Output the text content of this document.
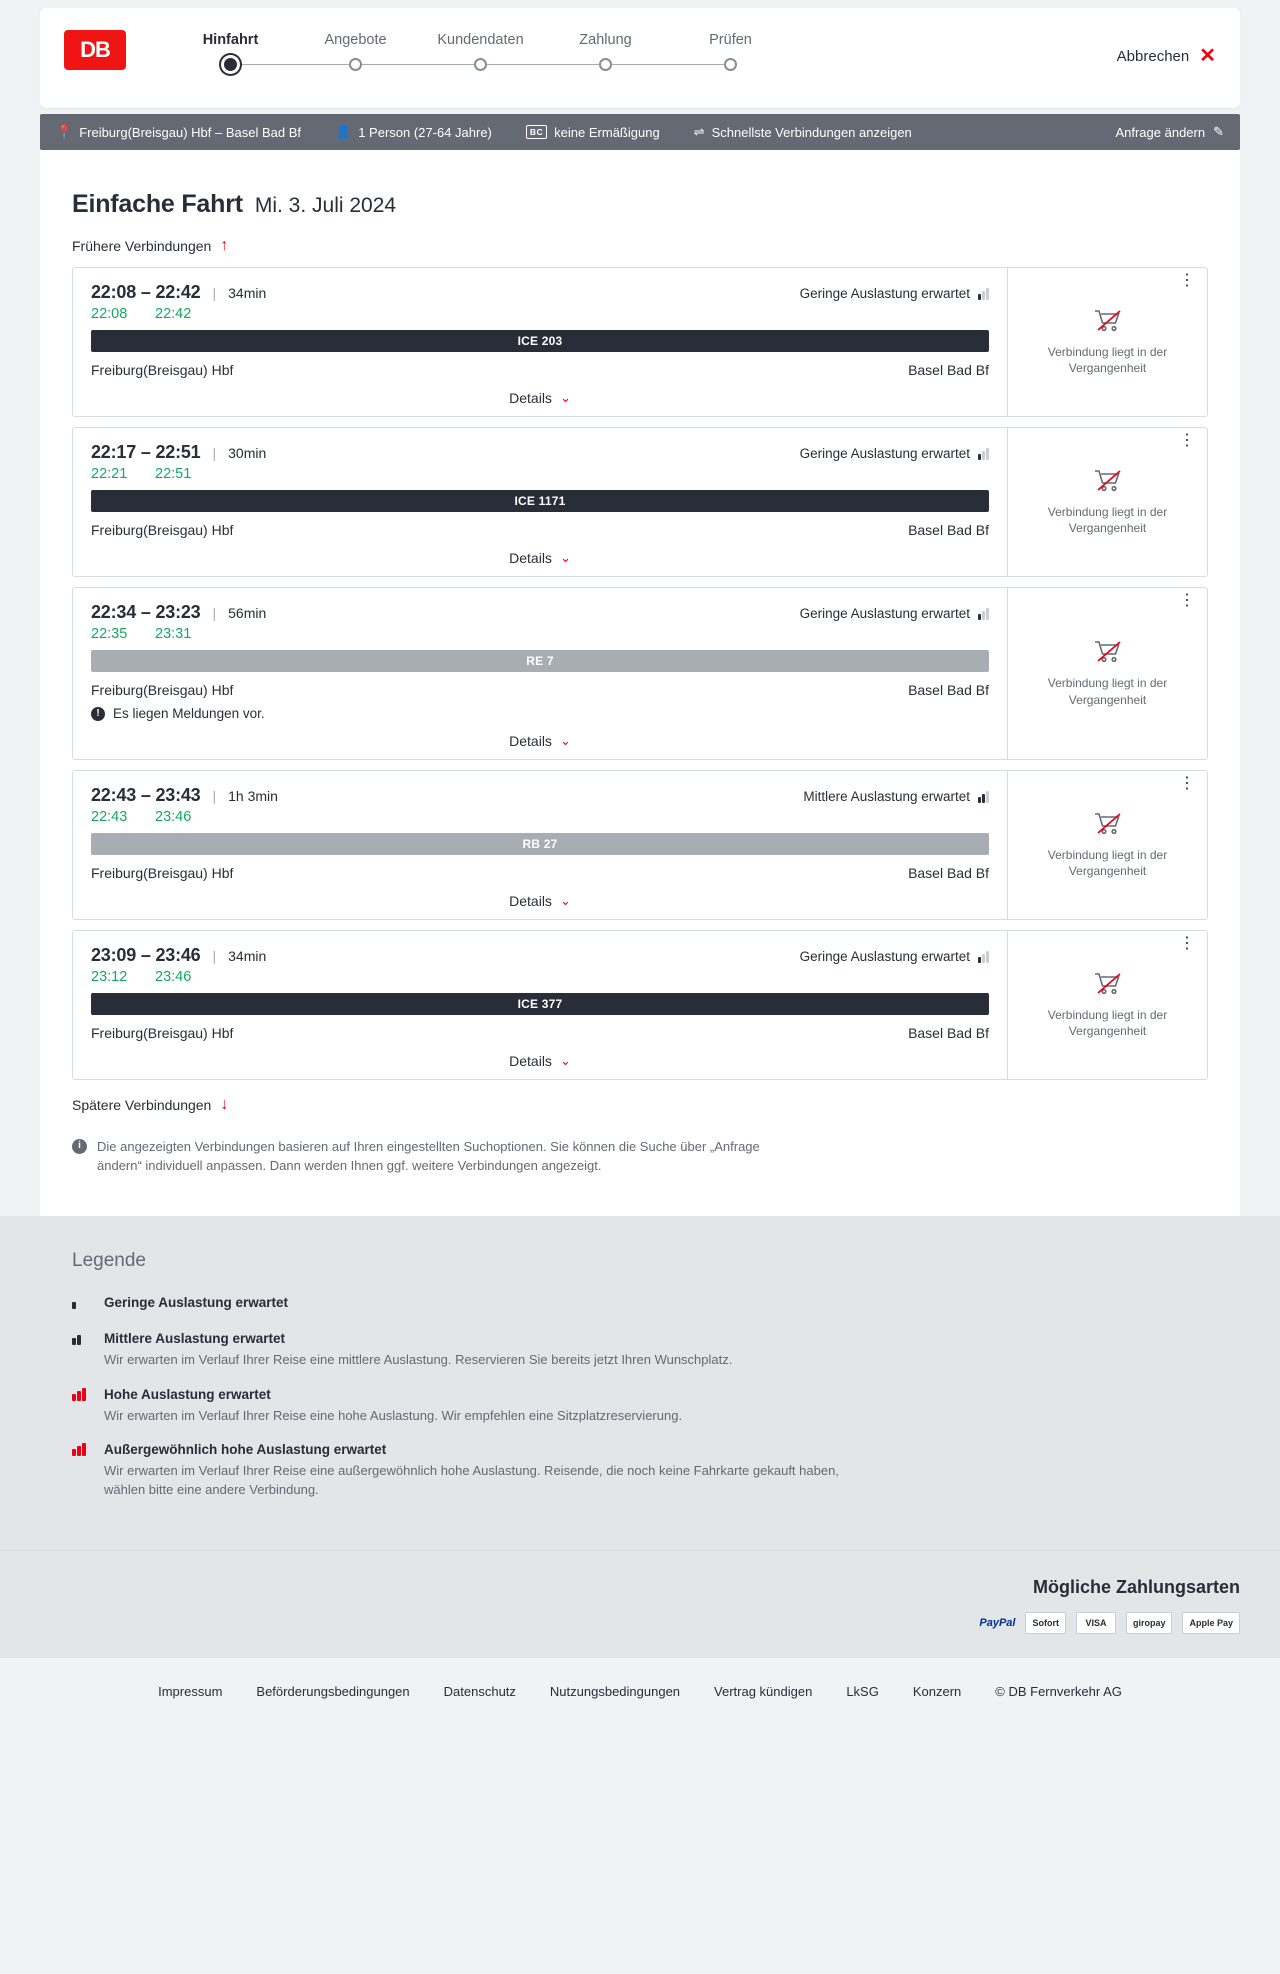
DB	Hinfahrt	Angebote	Kundendaten	Zahlung	Prüfen
Abbrechen ✕
📍 Freiburg(Breisgau) Hbf – Basel Bad Bf	👤 1 Person (27-64 Jahre)	BC keine Ermäßigung	⇌ Schnellste Verbindungen anzeigen	Anfrage ändern ✎
Einfache Fahrt Mi. 3. Juli 2024
Frühere Verbindungen ↑
22:08 – 22:42 | 34min	Geringe Auslastung erwartet
22:08 22:42
ICE 203
Freiburg(Breisgau) Hbf	Basel Bad Bf
Details ⌄
⋮
Verbindung liegt in der Vergangenheit
22:17 – 22:51 | 30min	Geringe Auslastung erwartet
22:21 22:51
ICE 1171
Freiburg(Breisgau) Hbf	Basel Bad Bf
Details ⌄
⋮
Verbindung liegt in der Vergangenheit
22:34 – 23:23 | 56min	Geringe Auslastung erwartet
22:35 23:31
RE 7
Freiburg(Breisgau) Hbf	Basel Bad Bf
! Es liegen Meldungen vor.
Details ⌄
⋮
Verbindung liegt in der Vergangenheit
22:43 – 23:43 | 1h 3min	Mittlere Auslastung erwartet
22:43 23:46
RB 27
Freiburg(Breisgau) Hbf	Basel Bad Bf
Details ⌄
⋮
Verbindung liegt in der Vergangenheit
23:09 – 23:46 | 34min	Geringe Auslastung erwartet
23:12 23:46
ICE 377
Freiburg(Breisgau) Hbf	Basel Bad Bf
Details ⌄
⋮
Verbindung liegt in der Vergangenheit
Spätere Verbindungen ↓
i	Die angezeigten Verbindungen basieren auf Ihren eingestellten Suchoptionen. Sie können die Suche über „Anfrage ändern“ individuell anpassen. Dann werden Ihnen ggf. weitere Verbindungen angezeigt.
Legende
Geringe Auslastung erwartet
Mittlere Auslastung erwartet
Wir erwarten im Verlauf Ihrer Reise eine mittlere Auslastung. Reservieren Sie bereits jetzt Ihren Wunschplatz.
Hohe Auslastung erwartet
Wir erwarten im Verlauf Ihrer Reise eine hohe Auslastung. Wir empfehlen eine Sitzplatzreservierung.
Außergewöhnlich hohe Auslastung erwartet
Wir erwarten im Verlauf Ihrer Reise eine außergewöhnlich hohe Auslastung. Reisende, die noch keine Fahrkarte gekauft haben, wählen bitte eine andere Verbindung.
Mögliche Zahlungsarten
PayPal	Sofort	VISA	giropay	Apple Pay
Impressum	Beförderungsbedingungen	Datenschutz	Nutzungsbedingungen	Vertrag kündigen	LkSG	Konzern	© DB Fernverkehr AG
